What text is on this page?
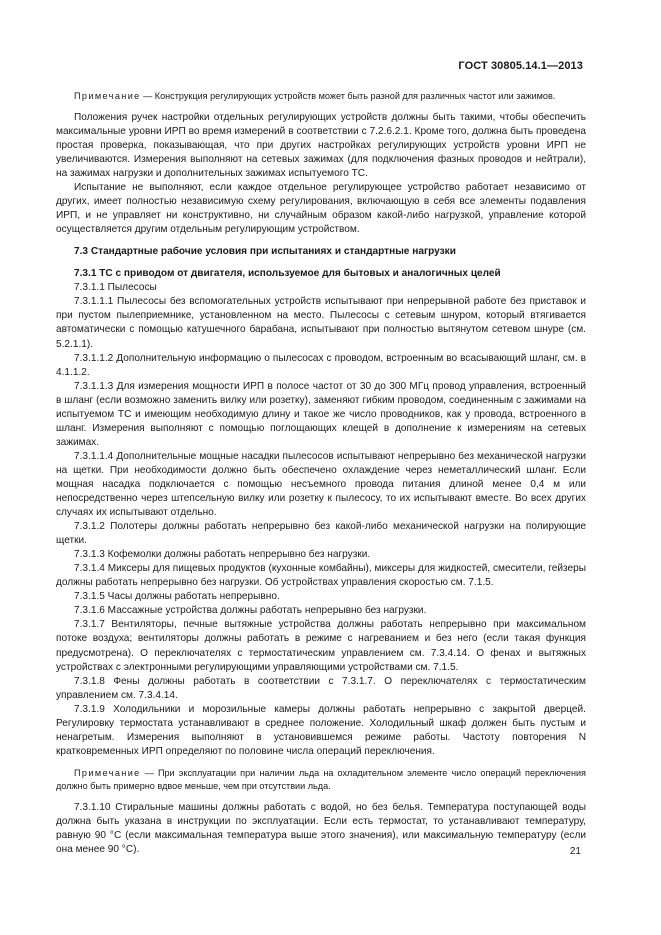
ГОСТ 30805.14.1—2013

Примечание — Конструкция регулирующих устройств может быть разной для различных частот или зажимов.

Положения ручек настройки отдельных регулирующих устройств должны быть такими, чтобы обеспечить максимальные уровни ИРП во время измерений в соответствии с 7.2.6.2.1. Кроме того, должна быть проведена простая проверка, показывающая, что при других настройках регулирующих устройств уровни ИРП не увеличиваются. Измерения выполняют на сетевых зажимах (для подключения фазных проводов и нейтрали), на зажимах нагрузки и дополнительных зажимах испытуемого ТС.

Испытание не выполняют, если каждое отдельное регулирующее устройство работает независимо от других, имеет полностью независимую схему регулирования, включающую в себя все элементы подавления ИРП, и не управляет ни конструктивно, ни случайным образом какой-либо нагрузкой, управление которой осуществляется другим отдельным регулирующим устройством.

7.3 Стандартные рабочие условия при испытаниях и стандартные нагрузки

7.3.1 ТС с приводом от двигателя, используемое для бытовых и аналогичных целей

7.3.1.1 Пылесосы

7.3.1.1.1 Пылесосы без вспомогательных устройств испытывают при непрерывной работе без приставок и при пустом пылеприемнике, установленном на место. Пылесосы с сетевым шнуром, который втягивается автоматически с помощью катушечного барабана, испытывают при полностью вытянутом сетевом шнуре (см. 5.2.1.1).

7.3.1.1.2 Дополнительную информацию о пылесосах с проводом, встроенным во всасывающий шланг, см. в 4.1.1.2.

7.3.1.1.3 Для измерения мощности ИРП в полосе частот от 30 до 300 МГц провод управления, встроенный в шланг (если возможно заменить вилку или розетку), заменяют гибким проводом, соединенным с зажимами на испытуемом ТС и имеющим необходимую длину и такое же число проводников, как у провода, встроенного в шланг. Измерения выполняют с помощью поглощающих клещей в дополнение к измерениям на сетевых зажимах.

7.3.1.1.4 Дополнительные мощные насадки пылесосов испытывают непрерывно без механической нагрузки на щетки. При необходимости должно быть обеспечено охлаждение через неметаллический шланг. Если мощная насадка подключается с помощью несъемного провода питания длиной менее 0,4 м или непосредственно через штепсельную вилку или розетку к пылесосу, то их испытывают вместе. Во всех других случаях их испытывают отдельно.

7.3.1.2 Полотеры должны работать непрерывно без какой-либо механической нагрузки на полирующие щетки.

7.3.1.3 Кофемолки должны работать непрерывно без нагрузки.

7.3.1.4 Миксеры для пищевых продуктов (кухонные комбайны), миксеры для жидкостей, смесители, гейзеры должны работать непрерывно без нагрузки. Об устройствах управления скоростью см. 7.1.5.

7.3.1.5 Часы должны работать непрерывно.

7.3.1.6 Массажные устройства должны работать непрерывно без нагрузки.

7.3.1.7 Вентиляторы, печные вытяжные устройства должны работать непрерывно при максимальном потоке воздуха; вентиляторы должны работать в режиме с нагреванием и без него (если такая функция предусмотрена). О переключателях с термостатическим управлением см. 7.3.4.14. О фенах и вытяжных устройствах с электронными регулирующими управляющими устройствами см. 7.1.5.

7.3.1.8 Фены должны работать в соответствии с 7.3.1.7. О переключателях с термостатическим управлением см. 7.3.4.14.

7.3.1.9 Холодильники и морозильные камеры должны работать непрерывно с закрытой дверцей. Регулировку термостата устанавливают в среднее положение. Холодильный шкаф должен быть пустым и ненагретым. Измерения выполняют в установившемся режиме работы. Частоту повторения N кратковременных ИРП определяют по половине числа операций переключения.

Примечание — При эксплуатации при наличии льда на охладительном элементе число операций переключения должно быть примерно вдвое меньше, чем при отсутствии льда.

7.3.1.10 Стиральные машины должны работать с водой, но без белья. Температура поступающей воды должна быть указана в инструкции по эксплуатации. Если есть термостат, то устанавливают температуру, равную 90 °С (если максимальная температура выше этого значения), или максимальную температуру (если она менее 90 °С).	21
